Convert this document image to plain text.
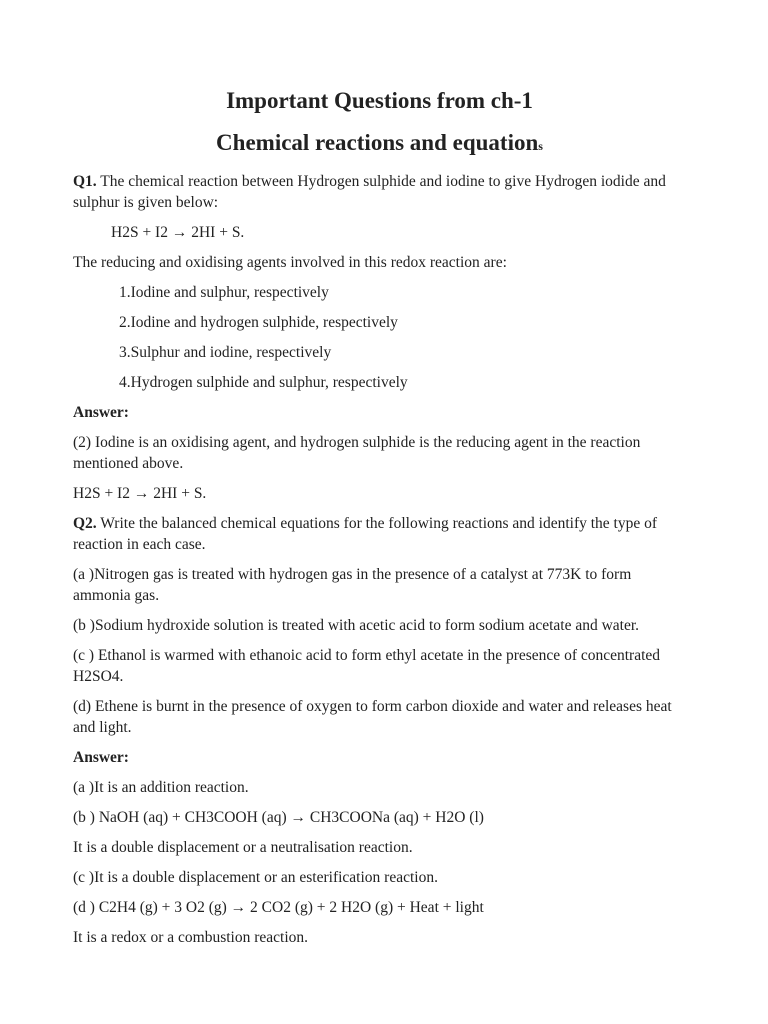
Important Questions from ch-1
Chemical reactions and equations

Q1. The chemical reaction between Hydrogen sulphide and iodine to give Hydrogen iodide and sulphur is given below:

H2S + I2 → 2HI + S.

The reducing and oxidising agents involved in this redox reaction are:

1.Iodine and sulphur, respectively
2.Iodine and hydrogen sulphide, respectively
3.Sulphur and iodine, respectively
4.Hydrogen sulphide and sulphur, respectively

Answer:

(2) Iodine is an oxidising agent, and hydrogen sulphide is the reducing agent in the reaction mentioned above.

H2S + I2 → 2HI + S.

Q2. Write the balanced chemical equations for the following reactions and identify the type of reaction in each case.

(a )Nitrogen gas is treated with hydrogen gas in the presence of a catalyst at 773K to form ammonia gas.

(b )Sodium hydroxide solution is treated with acetic acid to form sodium acetate and water.

(c ) Ethanol is warmed with ethanoic acid to form ethyl acetate in the presence of concentrated H2SO4.

(d) Ethene is burnt in the presence of oxygen to form carbon dioxide and water and releases heat and light.

Answer:

(a )It is an addition reaction.

(b ) NaOH (aq) + CH3COOH (aq) → CH3COONa (aq) + H2O (l)

It is a double displacement or a neutralisation reaction.

(c )It is a double displacement or an esterification reaction.

(d ) C2H4 (g) + 3 O2 (g) → 2 CO2 (g) + 2 H2O (g) + Heat + light

It is a redox or a combustion reaction.
